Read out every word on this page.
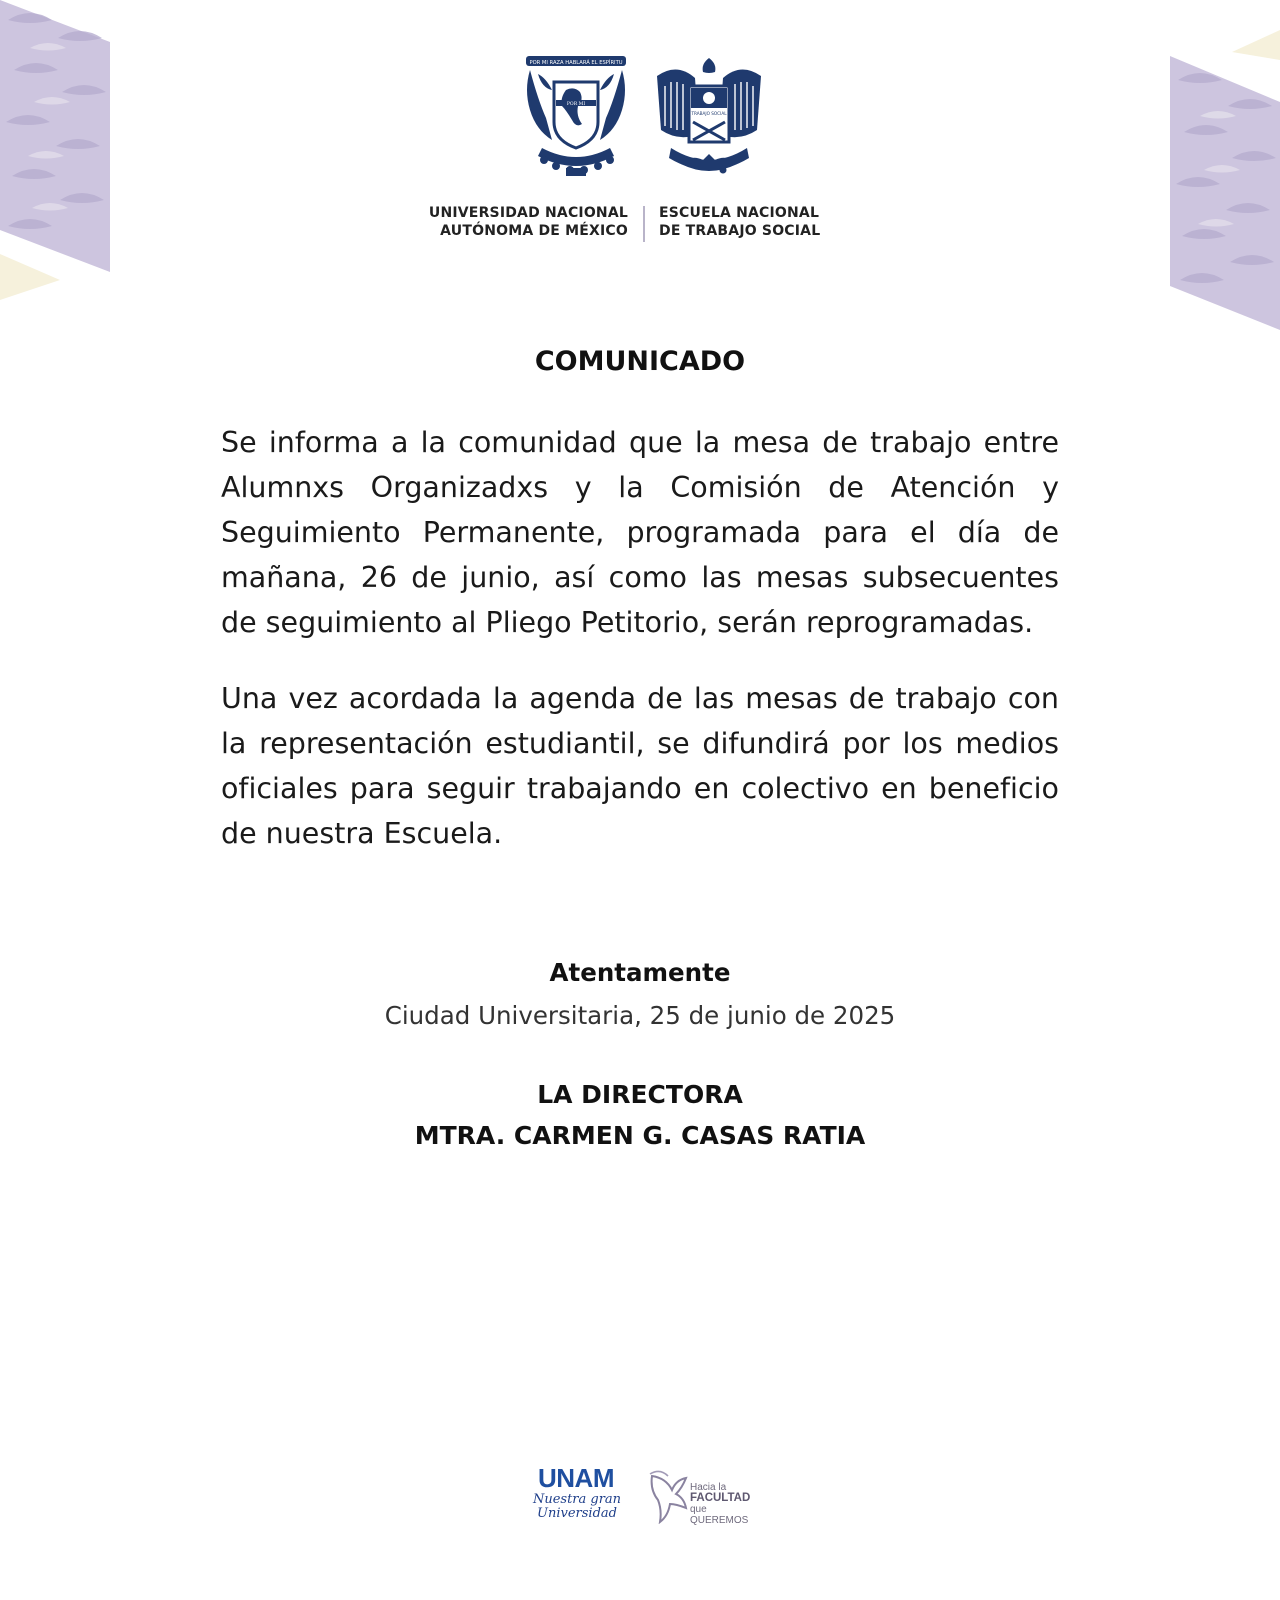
POR MI RAZA HABLARÁ EL ESPÍRITU
POR MI
TRABAJO SOCIAL
UNIVERSIDAD NACIONAL
AUTÓNOMA DE MÉXICO
ESCUELA NACIONAL
DE TRABAJO SOCIAL
COMUNICADO

Se informa a la comunidad que la mesa de trabajo entre Alumnxs Organizadxs y la Comisión de Atención y Seguimiento Permanente, programada para el día de mañana, 26 de junio, así como las mesas subsecuentes de seguimiento al Pliego Petitorio, serán reprogramadas.

Una vez acordada la agenda de las mesas de trabajo con la representación estudiantil, se difundirá por los medios oficiales para seguir trabajando en colectivo en beneficio de nuestra Escuela.

Atentamente
Ciudad Universitaria, 25 de junio de 2025
LA DIRECTORA
MTRA. CARMEN G. CASAS RATIA
UNAM
Nuestra gran Universidad
Hacia la
FACULTAD
que QUEREMOS
